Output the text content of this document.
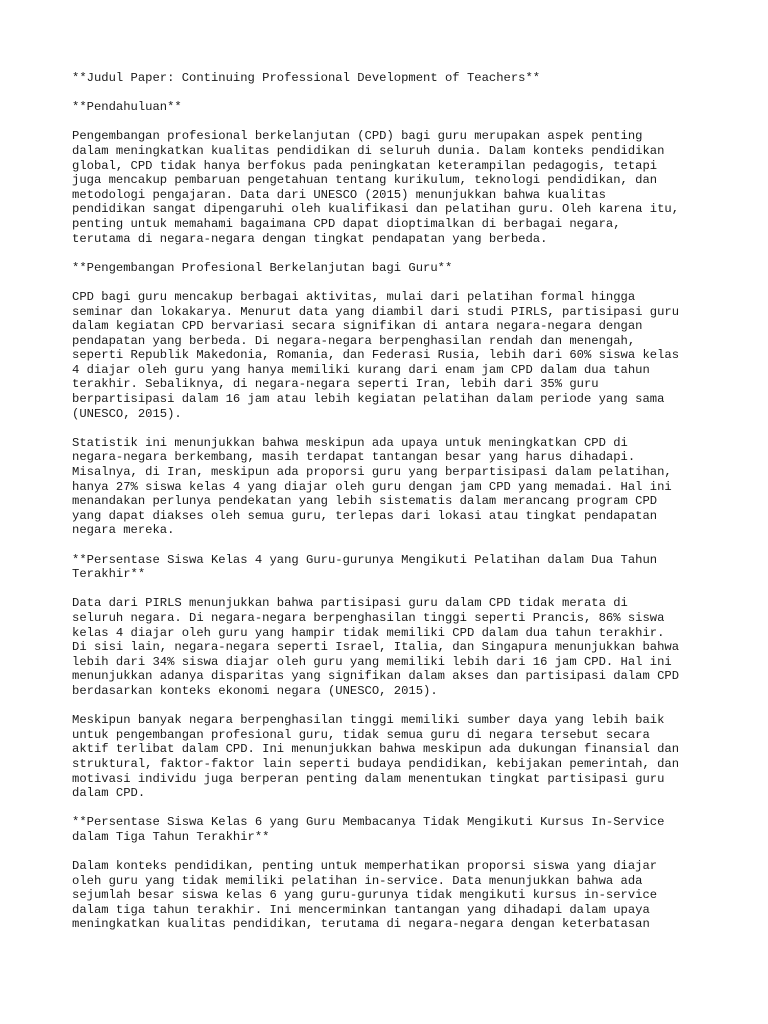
**Judul Paper: Continuing Professional Development of Teachers**

**Pendahuluan**

Pengembangan profesional berkelanjutan (CPD) bagi guru merupakan aspek penting
dalam meningkatkan kualitas pendidikan di seluruh dunia. Dalam konteks pendidikan
global, CPD tidak hanya berfokus pada peningkatan keterampilan pedagogis, tetapi
juga mencakup pembaruan pengetahuan tentang kurikulum, teknologi pendidikan, dan
metodologi pengajaran. Data dari UNESCO (2015) menunjukkan bahwa kualitas
pendidikan sangat dipengaruhi oleh kualifikasi dan pelatihan guru. Oleh karena itu,
penting untuk memahami bagaimana CPD dapat dioptimalkan di berbagai negara,
terutama di negara-negara dengan tingkat pendapatan yang berbeda.

**Pengembangan Profesional Berkelanjutan bagi Guru**

CPD bagi guru mencakup berbagai aktivitas, mulai dari pelatihan formal hingga
seminar dan lokakarya. Menurut data yang diambil dari studi PIRLS, partisipasi guru
dalam kegiatan CPD bervariasi secara signifikan di antara negara-negara dengan
pendapatan yang berbeda. Di negara-negara berpenghasilan rendah dan menengah,
seperti Republik Makedonia, Romania, dan Federasi Rusia, lebih dari 60% siswa kelas
4 diajar oleh guru yang hanya memiliki kurang dari enam jam CPD dalam dua tahun
terakhir. Sebaliknya, di negara-negara seperti Iran, lebih dari 35% guru
berpartisipasi dalam 16 jam atau lebih kegiatan pelatihan dalam periode yang sama
(UNESCO, 2015).

Statistik ini menunjukkan bahwa meskipun ada upaya untuk meningkatkan CPD di
negara-negara berkembang, masih terdapat tantangan besar yang harus dihadapi.
Misalnya, di Iran, meskipun ada proporsi guru yang berpartisipasi dalam pelatihan,
hanya 27% siswa kelas 4 yang diajar oleh guru dengan jam CPD yang memadai. Hal ini
menandakan perlunya pendekatan yang lebih sistematis dalam merancang program CPD
yang dapat diakses oleh semua guru, terlepas dari lokasi atau tingkat pendapatan
negara mereka.

**Persentase Siswa Kelas 4 yang Guru-gurunya Mengikuti Pelatihan dalam Dua Tahun
Terakhir**

Data dari PIRLS menunjukkan bahwa partisipasi guru dalam CPD tidak merata di
seluruh negara. Di negara-negara berpenghasilan tinggi seperti Prancis, 86% siswa
kelas 4 diajar oleh guru yang hampir tidak memiliki CPD dalam dua tahun terakhir.
Di sisi lain, negara-negara seperti Israel, Italia, dan Singapura menunjukkan bahwa
lebih dari 34% siswa diajar oleh guru yang memiliki lebih dari 16 jam CPD. Hal ini
menunjukkan adanya disparitas yang signifikan dalam akses dan partisipasi dalam CPD
berdasarkan konteks ekonomi negara (UNESCO, 2015).

Meskipun banyak negara berpenghasilan tinggi memiliki sumber daya yang lebih baik
untuk pengembangan profesional guru, tidak semua guru di negara tersebut secara
aktif terlibat dalam CPD. Ini menunjukkan bahwa meskipun ada dukungan finansial dan
struktural, faktor-faktor lain seperti budaya pendidikan, kebijakan pemerintah, dan
motivasi individu juga berperan penting dalam menentukan tingkat partisipasi guru
dalam CPD.

**Persentase Siswa Kelas 6 yang Guru Membacanya Tidak Mengikuti Kursus In-Service
dalam Tiga Tahun Terakhir**

Dalam konteks pendidikan, penting untuk memperhatikan proporsi siswa yang diajar
oleh guru yang tidak memiliki pelatihan in-service. Data menunjukkan bahwa ada
sejumlah besar siswa kelas 6 yang guru-gurunya tidak mengikuti kursus in-service
dalam tiga tahun terakhir. Ini mencerminkan tantangan yang dihadapi dalam upaya
meningkatkan kualitas pendidikan, terutama di negara-negara dengan keterbatasan
